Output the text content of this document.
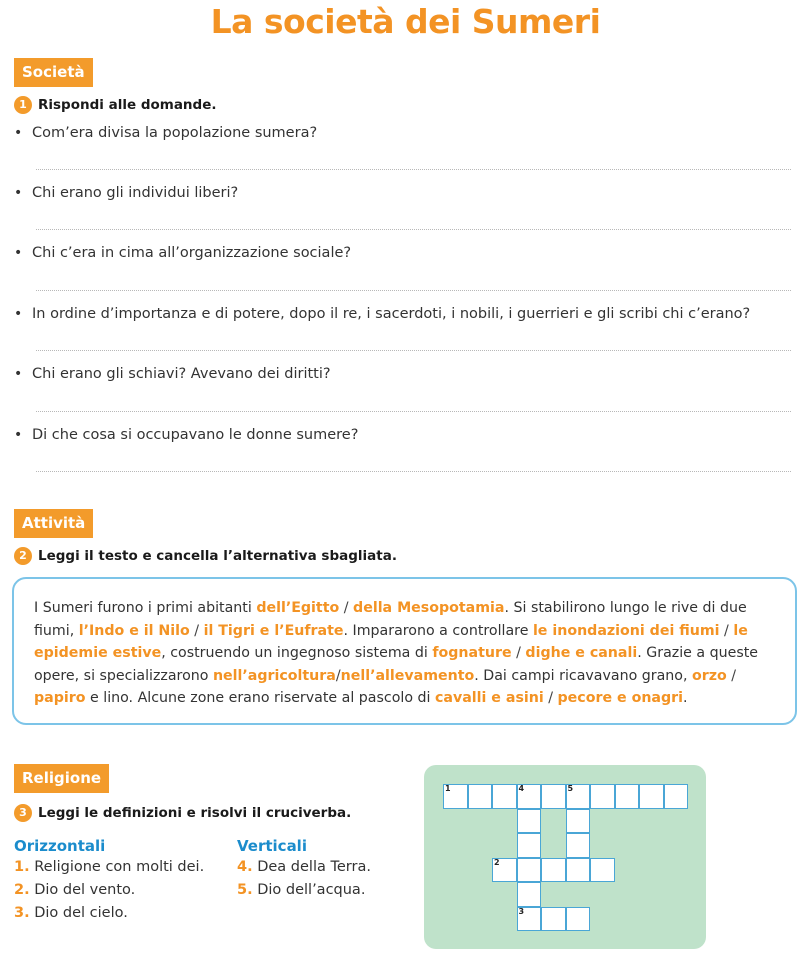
La società dei Sumeri
Società
1 Rispondi alle domande.
• Com’era divisa la popolazione sumera?
• Chi erano gli individui liberi?
• Chi c’era in cima all’organizzazione sociale?
• In ordine d’importanza e di potere, dopo il re, i sacerdoti, i nobili, i guerrieri e gli scribi chi c’erano?
• Chi erano gli schiavi? Avevano dei diritti?
• Di che cosa si occupavano le donne sumere?
Attività
2 Leggi il testo e cancella l’alternativa sbagliata.
I Sumeri furono i primi abitanti dell’Egitto / della Mesopotamia. Si stabilirono lungo le rive di due fiumi, l’Indo e il Nilo / il Tigri e l’Eufrate. Impararono a controllare le inondazioni dei fiumi / le epidemie estive, costruendo un ingegnoso sistema di fognature / dighe e canali. Grazie a queste opere, si specializzarono nell’agricoltura/nell’allevamento. Dai campi ricavavano grano, orzo / papiro e lino. Alcune zone erano riservate al pascolo di cavalli e asini / pecore e onagri.
Religione
3 Leggi le definizioni e risolvi il cruciverba.
Orizzontali	Verticali
1. Religione con molti dei.
2. Dio del vento.
3. Dio del cielo.
4. Dea della Terra.
5. Dio dell’acqua.
1	4	5
2
3
